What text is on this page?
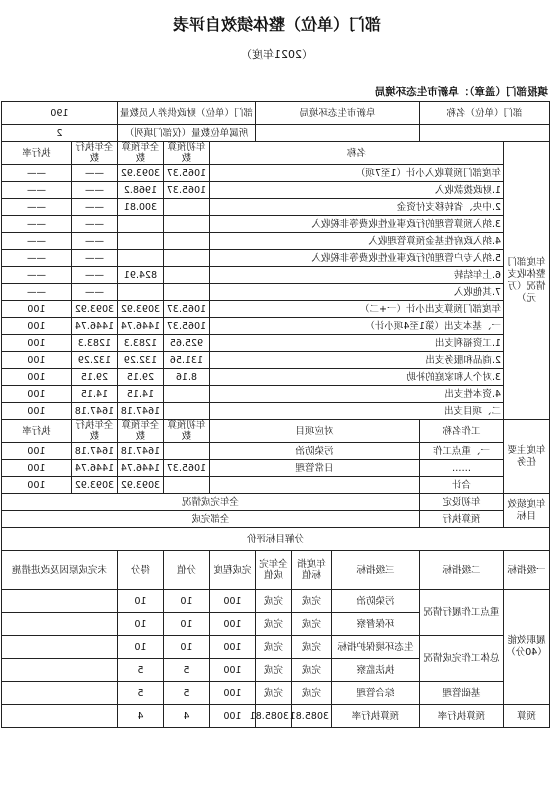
部门（单位）整体绩效自评表
（2021年度）
填报部门（盖章）：阜新市生态环境局
部门（单位）名称		阜新市生态环境局			部门（单位）财政供养人员数量			190	
					所属单位数量（仅部门填列）			2	
年度部门整体收支情况（万元）	名称					年初预算数	全年预算数	全年执行数	执行率
	年度部门预算收入小计（1至7项）					1065.37	3093.92	——	——
	1.财政拨款收入					1065.37	1968.2	——	——
	2.中央、省转移支付资金						300.81	——	——
	3.纳入预算管理的行政事业性收费等非税收入							——	——
	4.纳入政府性基金预算管理收入							——	——
	5.纳入专户管理的行政事业性收费等非税收入							——	——
	6.上年结转						824.91	——	——
	7.其他收入							——	——
	年度部门预算支出小计（一+二）					1065.37	3093.92	3093.92	100
	一、基本支出（第1至4项小计）					1065.37	1446.74	1446.74	100
	1.工资福利支出					925.65	1283.3	1283.3	100
	2.商品和服务支出					131.56	132.29	132.29	100
	3.对个人和家庭的补助					8.16	29.15	29.15	100
	4.资本性支出						14.15	14.15	100
	二、项目支出						1647.18	1647.18	100
年度主要任务	工作名称	对应项目				年初预算数	全年预算数	全年执行数	执行率
	一、重点工作	污染防治					1647.18	1647.18	100
	……	日常管理				1065.37	1446.74	1446.74	100
	合计						3093.92	3093.92	100
年度绩效目标	年初设定	全年完成情况							
	预算执行	全部完成							
分解目标评价									
一级指标	二级指标	三级指标	年度指标值	全年完成值	完成程度	分值	得分	未完成原因及改进措施	
履职效能（40分）	重点工作履行情况	污染防治	完成	完成	100	10	10		
		环保督察	完成	完成	100	10	10		
	总体工作完成情况	生态环境保护指标	完成	完成	100	10	10		
		执法监察	完成	完成	100	5	5		
	基础管理	综合管理	完成	完成	100	5	5		
预算	预算执行率	预算执行率	3085.81	3085.81	100	4	4		
